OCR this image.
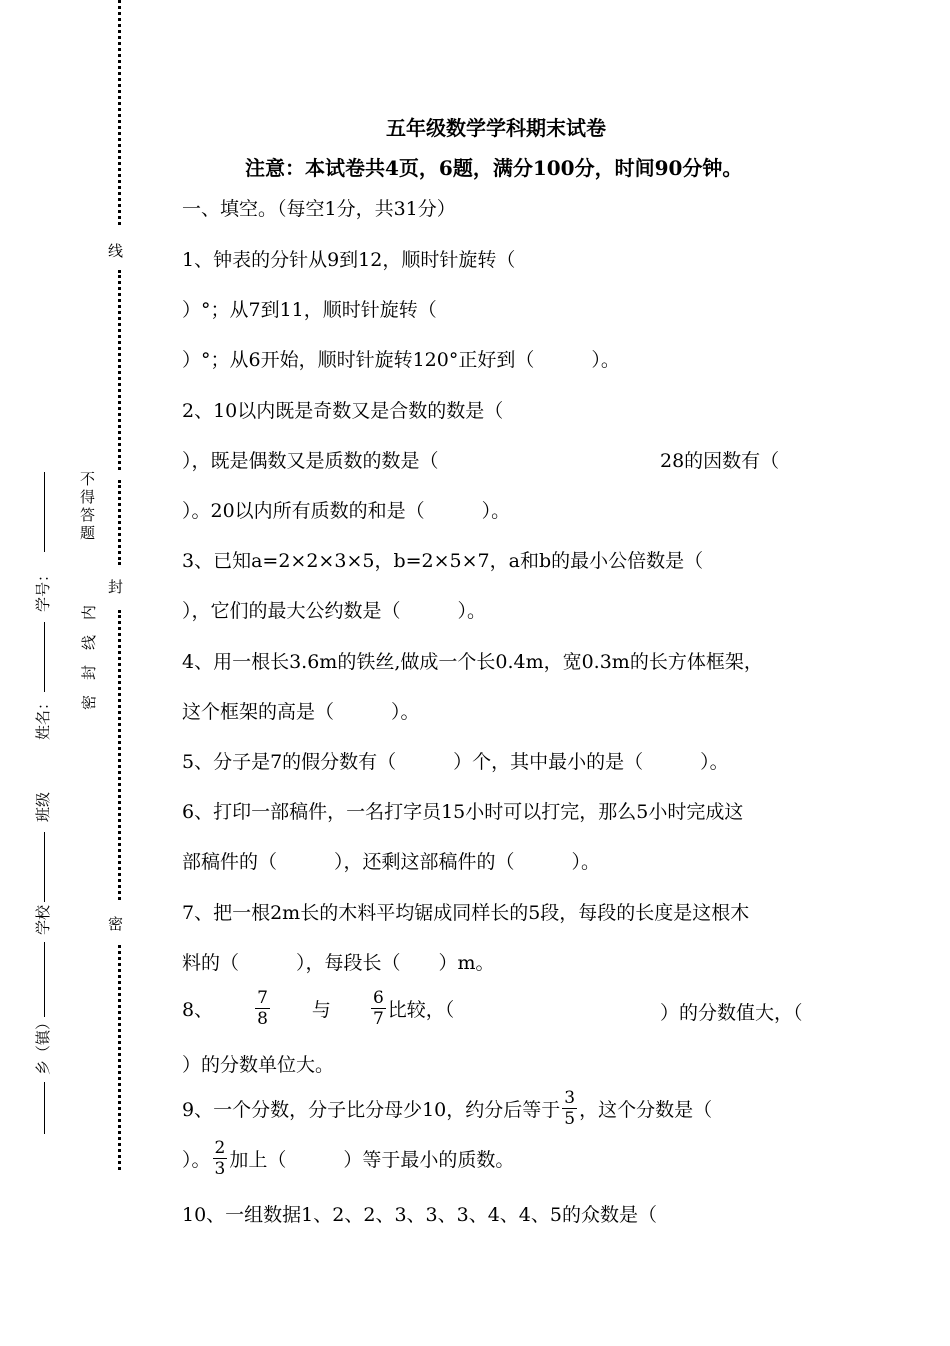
线
不
得
答
题
密　封　线　内
封
密
学号：
姓名：
班级
学校
乡（镇）
五年级数学学科期末试卷
注意：本试卷共4页，6题，满分100分，时间90分钟。
一、填空。（每空1分，共31分）
1、钟表的分针从9到12，顺时针旋转（
）°；从7到11，顺时针旋转（
）°；从6开始，顺时针旋转120°正好到（　　　）。
2、10以内既是奇数又是合数的数是（
），既是偶数又是质数的数是（	28的因数有（
）。20以内所有质数的和是（　　　）。
3、已知a=2×2×3×5，b=2×5×7，a和b的最小公倍数是（
），它们的最大公约数是（　　　）。
4、用一根长3.6m的铁丝,做成一个长0.4m，宽0.3m的长方体框架，
这个框架的高是（　　　）。
5、分子是7的假分数有（　　　）个，其中最小的是（　　　）。
6、打印一部稿件，一名打字员15小时可以打完，那么5小时完成这
部稿件的（　　　），还剩这部稿件的（　　　）。
7、把一根2m长的木料平均锯成同样长的5段，每段的长度是这根木
料的（　　　），每段长（　　）m。
8、 $\frac{7}{8}$ 与 $\frac{6}{7}$ 比较，（	）的分数值大，（
）的分数单位大。
9、一个分数，分子比分母少10，约分后等于 $\frac{3}{5}$ ，这个分数是（
）。 $\frac{2}{3}$ 加上（　　　）等于最小的质数。
10、一组数据1、2、2、3、3、3、4、4、5的众数是（
